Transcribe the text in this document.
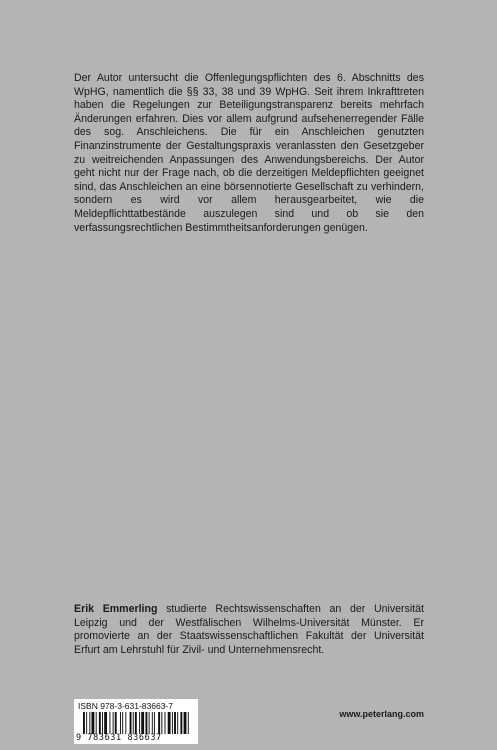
Der Autor untersucht die Offenlegungspflichten des 6. Abschnitts des WpHG, namentlich die §§ 33, 38 und 39 WpHG. Seit ihrem Inkrafttreten haben die Regelungen zur Beteiligungstransparenz bereits mehrfach Änderungen erfahren. Dies vor allem aufgrund aufsehenerregender Fälle des sog. Anschleichens. Die für ein Anschleichen genutzten Finanzinstrumente der Gestaltungspraxis veranlassten den Gesetzgeber zu weitreichenden Anpassungen des Anwendungsbereichs. Der Autor geht nicht nur der Frage nach, ob die derzeitigen Meldepflichten geeignet sind, das Anschleichen an eine börsennotierte Gesellschaft zu verhindern, sondern es wird vor allem herausgearbeitet, wie die Meldepflichttatbestände auszulegen sind und ob sie den verfassungsrechtlichen Bestimmtheitsanforderungen genügen.
Erik Emmerling studierte Rechtswissenschaften an der Universität Leipzig und der Westfälischen Wilhelms-Universität Münster. Er promovierte an der Staatswissenschaftlichen Fakultät der Universität Erfurt am Lehrstuhl für Zivil- und Unternehmensrecht.
ISBN 978-3-631-83663-7
9 783631 836637
www.peterlang.com
